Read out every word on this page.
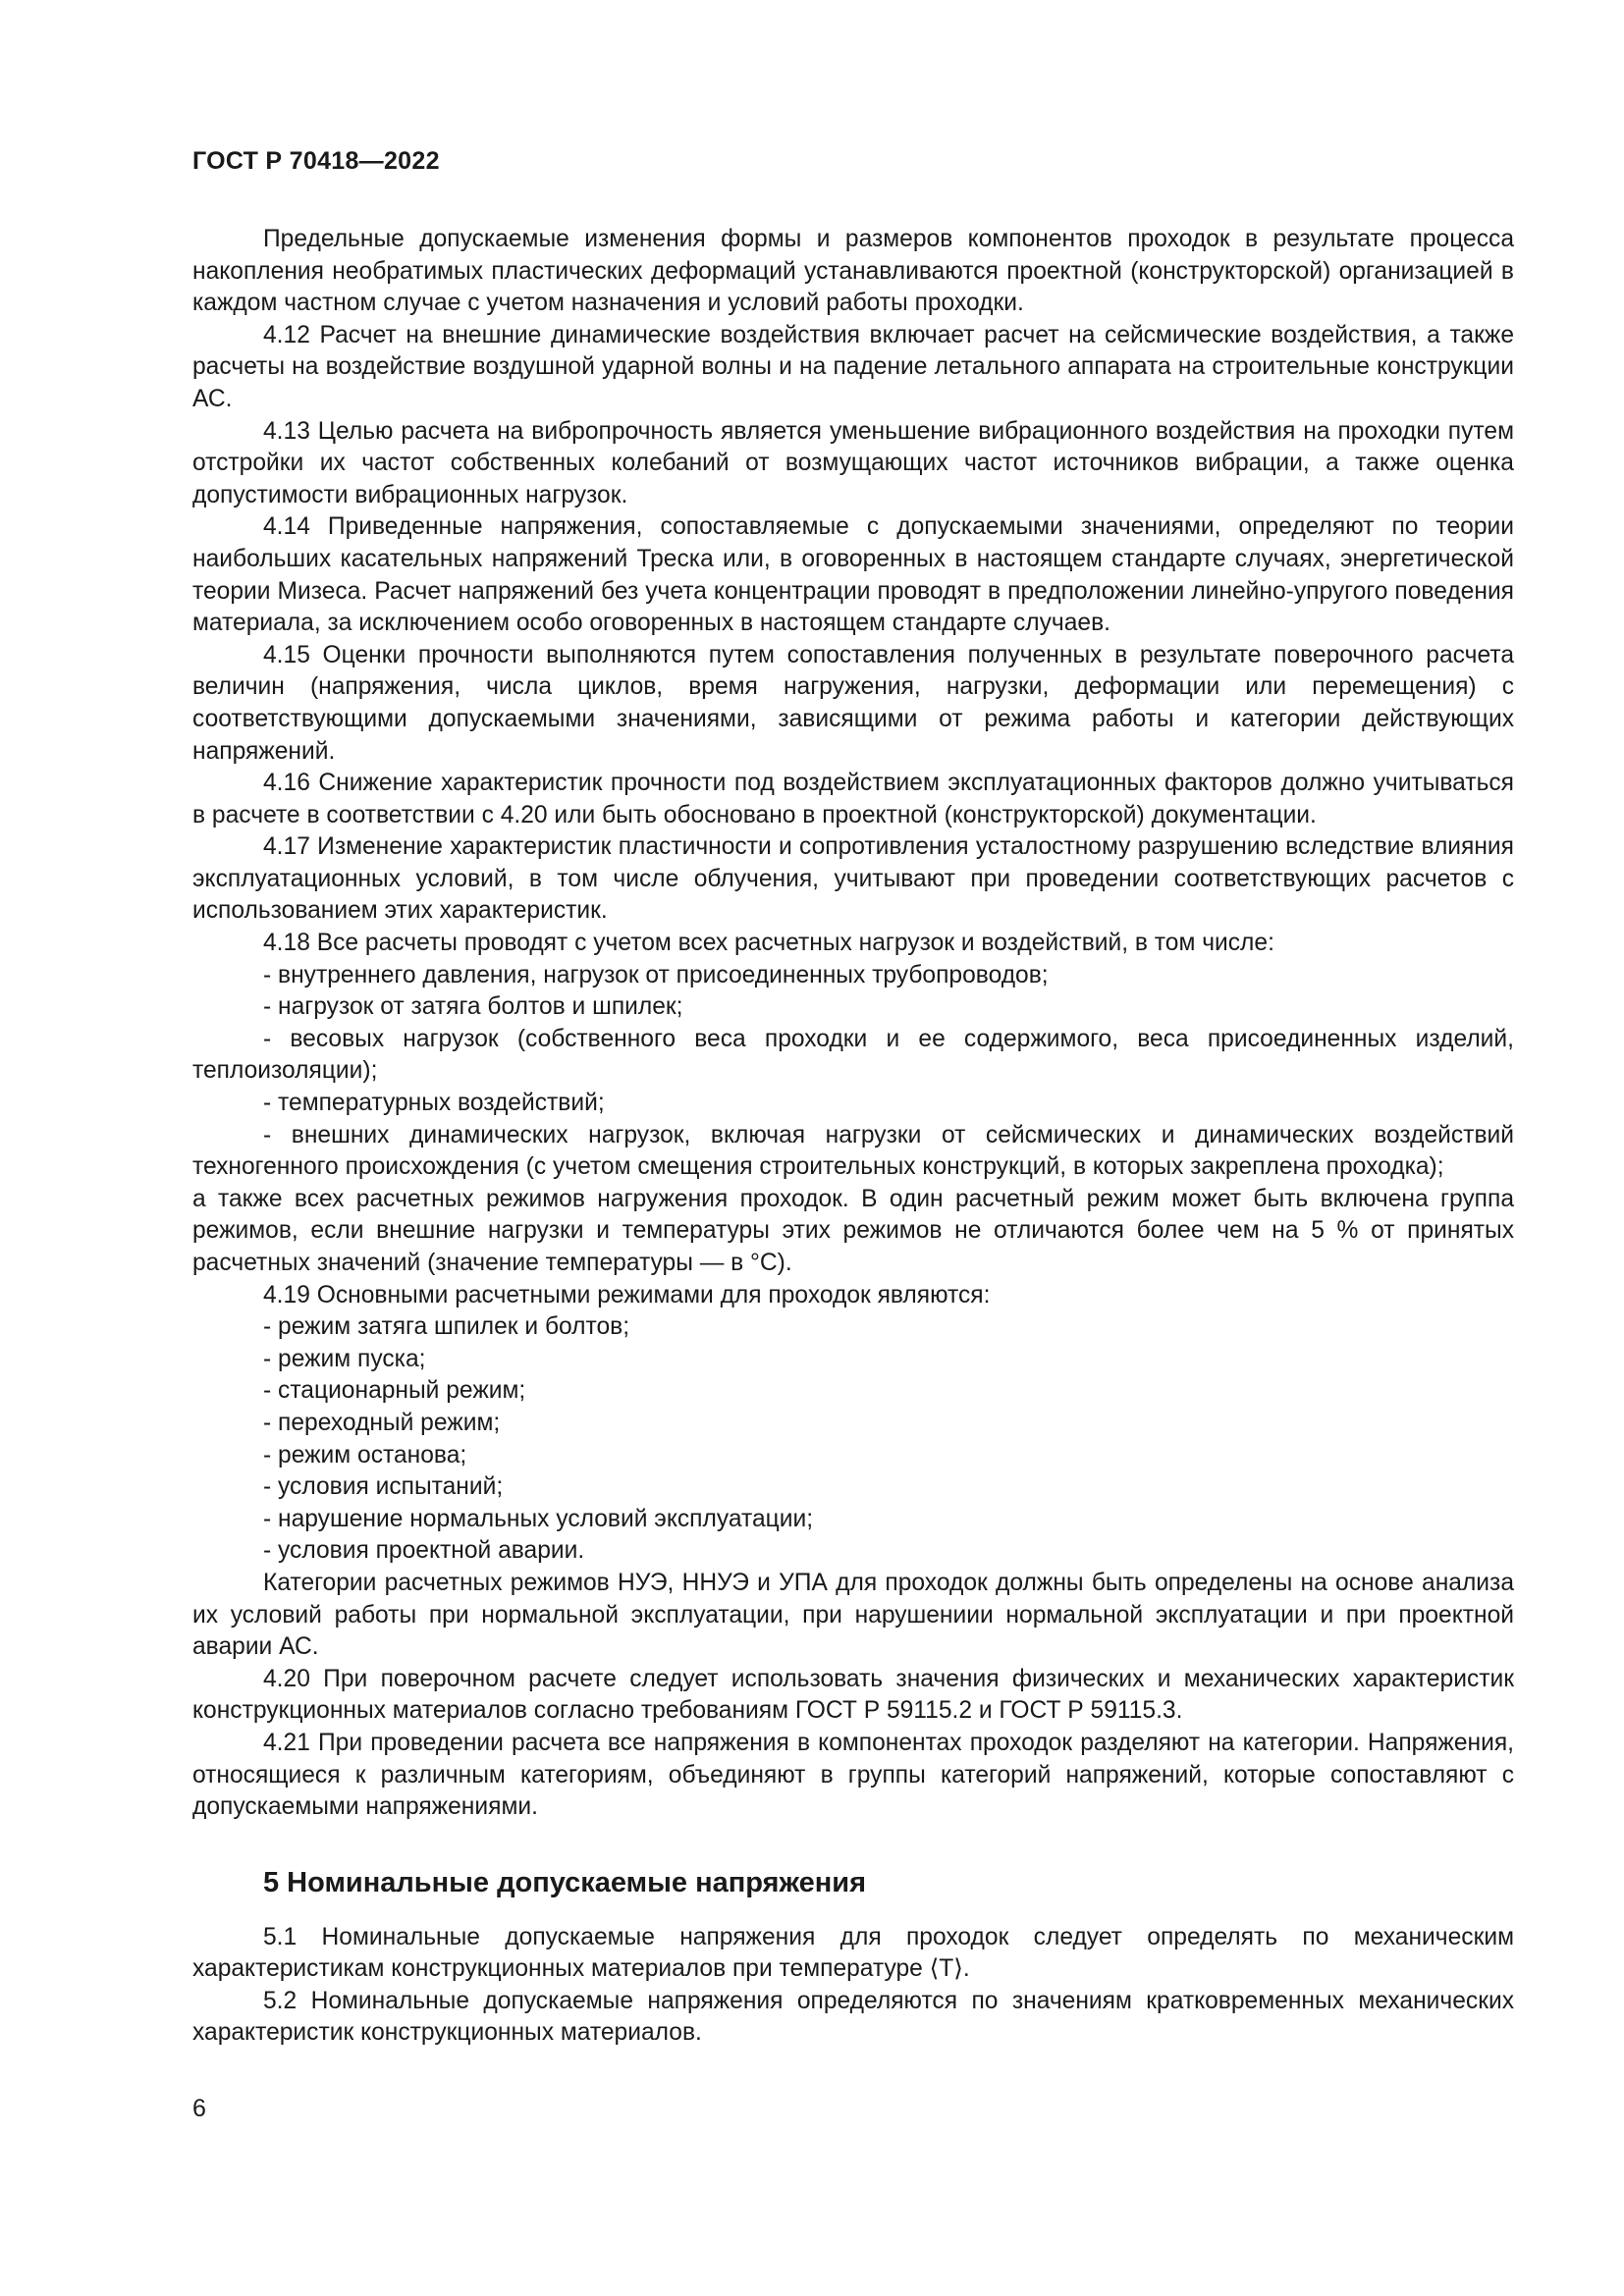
ГОСТ Р 70418—2022

Предельные допускаемые изменения формы и размеров компонентов проходок в результате процесса накопления необратимых пластических деформаций устанавливаются проектной (конструкторской) организацией в каждом частном случае с учетом назначения и условий работы проходки.

4.12 Расчет на внешние динамические воздействия включает расчет на сейсмические воздействия, а также расчеты на воздействие воздушной ударной волны и на падение летального аппарата на строительные конструкции АС.

4.13 Целью расчета на вибропрочность является уменьшение вибрационного воздействия на проходки путем отстройки их частот собственных колебаний от возмущающих частот источников вибрации, а также оценка допустимости вибрационных нагрузок.

4.14 Приведенные напряжения, сопоставляемые с допускаемыми значениями, определяют по теории наибольших касательных напряжений Треска или, в оговоренных в настоящем стандарте случаях, энергетической теории Мизеса. Расчет напряжений без учета концентрации проводят в предположении линейно-упругого поведения материала, за исключением особо оговоренных в настоящем стандарте случаев.

4.15 Оценки прочности выполняются путем сопоставления полученных в результате поверочного расчета величин (напряжения, числа циклов, время нагружения, нагрузки, деформации или перемещения) с соответствующими допускаемыми значениями, зависящими от режима работы и категории действующих напряжений.

4.16 Снижение характеристик прочности под воздействием эксплуатационных факторов должно учитываться в расчете в соответствии с 4.20 или быть обосновано в проектной (конструкторской) документации.

4.17 Изменение характеристик пластичности и сопротивления усталостному разрушению вследствие влияния эксплуатационных условий, в том числе облучения, учитывают при проведении соответствующих расчетов с использованием этих характеристик.

4.18 Все расчеты проводят с учетом всех расчетных нагрузок и воздействий, в том числе:

- внутреннего давления, нагрузок от присоединенных трубопроводов;

- нагрузок от затяга болтов и шпилек;

- весовых нагрузок (собственного веса проходки и ее содержимого, веса присоединенных изделий, теплоизоляции);

- температурных воздействий;

- внешних динамических нагрузок, включая нагрузки от сейсмических и динамических воздействий техногенного происхождения (с учетом смещения строительных конструкций, в которых закреплена проходка);

а также всех расчетных режимов нагружения проходок. В один расчетный режим может быть включена группа режимов, если внешние нагрузки и температуры этих режимов не отличаются более чем на 5 % от принятых расчетных значений (значение температуры — в °С).

4.19 Основными расчетными режимами для проходок являются:

- режим затяга шпилек и болтов;

- режим пуска;

- стационарный режим;

- переходный режим;

- режим останова;

- условия испытаний;

- нарушение нормальных условий эксплуатации;

- условия проектной аварии.

Категории расчетных режимов НУЭ, ННУЭ и УПА для проходок должны быть определены на основе анализа их условий работы при нормальной эксплуатации, при нарушениии нормальной эксплуатации и при проектной аварии АС.

4.20 При поверочном расчете следует использовать значения физических и механических характеристик конструкционных материалов согласно требованиям ГОСТ Р 59115.2 и ГОСТ Р 59115.3.

4.21 При проведении расчета все напряжения в компонентах проходок разделяют на категории. Напряжения, относящиеся к различным категориям, объединяют в группы категорий напряжений, которые сопоставляют с допускаемыми напряжениями.

5 Номинальные допускаемые напряжения

5.1 Номинальные допускаемые напряжения для проходок следует определять по механическим характеристикам конструкционных материалов при температуре ⟨T⟩.

5.2 Номинальные допускаемые напряжения определяются по значениям кратковременных механических характеристик конструкционных материалов.

6
